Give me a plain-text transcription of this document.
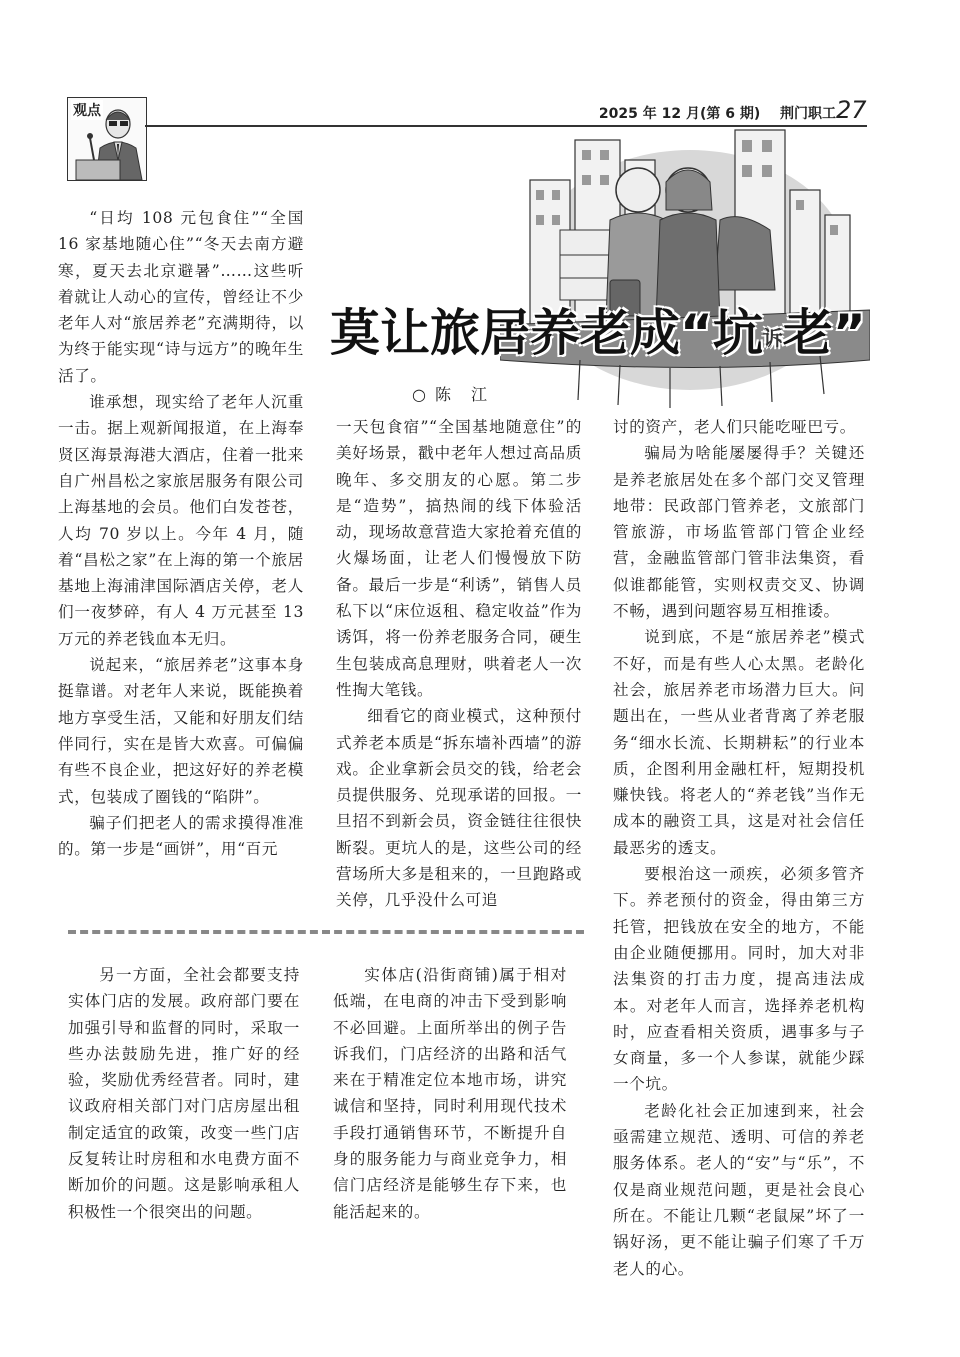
观点	2025 年 12 月(第 6 期) 荆门职工 27
莫让旅居养老成“坑诉老”
○ 陈　江

“日均 108 元包食住”“全国 16 家基地随心住”“冬天去南方避寒，夏天去北京避暑”……这些听着就让人动心的宣传，曾经让不少老年人对“旅居养老”充满期待，以为终于能实现“诗与远方”的晚年生活了。

谁承想，现实给了老年人沉重一击。据上观新闻报道，在上海奉贤区海景海港大酒店，住着一批来自广州昌松之家旅居服务有限公司上海基地的会员。他们白发苍苍，人均 70 岁以上。今年 4 月，随着“昌松之家”在上海的第一个旅居基地上海浦津国际酒店关停，老人们一夜梦碎，有人 4 万元甚至 13 万元的养老钱血本无归。

说起来，“旅居养老”这事本身挺靠谱。对老年人来说，既能换着地方享受生活，又能和好朋友们结伴同行，实在是皆大欢喜。可偏偏有些不良企业，把这好好的养老模式，包装成了圈钱的“陷阱”。

骗子们把老人的需求摸得准准的。第一步是“画饼”，用“百元

一天包食宿”“全国基地随意住”的美好场景，戳中老年人想过高品质晚年、多交朋友的心愿。第二步是“造势”，搞热闹的线下体验活动，现场故意营造大家抢着充值的火爆场面，让老人们慢慢放下防备。最后一步是“利诱”，销售人员私下以“床位返租、稳定收益”作为诱饵，将一份养老服务合同，硬生生包装成高息理财，哄着老人一次性掏大笔钱。

细看它的商业模式，这种预付式养老本质是“拆东墙补西墙”的游戏。企业拿新会员交的钱，给老会员提供服务、兑现承诺的回报。一旦招不到新会员，资金链往往很快断裂。更坑人的是，这些公司的经营场所大多是租来的，一旦跑路或关停，几乎没什么可追

讨的资产，老人们只能吃哑巴亏。

骗局为啥能屡屡得手？关键还是养老旅居处在多个部门交叉管理地带：民政部门管养老，文旅部门管旅游，市场监管部门管企业经营，金融监管部门管非法集资，看似谁都能管，实则权责交叉、协调不畅，遇到问题容易互相推诿。

说到底，不是“旅居养老”模式不好，而是有些人心太黑。老龄化社会，旅居养老市场潜力巨大。问题出在，一些从业者背离了养老服务“细水长流、长期耕耘”的行业本质，企图利用金融杠杆，短期投机赚快钱。将老人的“养老钱”当作无成本的融资工具，这是对社会信任最恶劣的透支。

要根治这一顽疾，必须多管齐下。养老预付的资金，得由第三方托管，把钱放在安全的地方，不能由企业随便挪用。同时，加大对非法集资的打击力度，提高违法成本。对老年人而言，选择养老机构时，应查看相关资质，遇事多与子女商量，多一个人参谋，就能少踩一个坑。

老龄化社会正加速到来，社会亟需建立规范、透明、可信的养老服务体系。老人的“安”与“乐”，不仅是商业规范问题，更是社会良心所在。不能让几颗“老鼠屎”坏了一锅好汤，更不能让骗子们寒了千万老人的心。

另一方面，全社会都要支持实体门店的发展。政府部门要在加强引导和监督的同时，采取一些办法鼓励先进，推广好的经验，奖励优秀经营者。同时，建议政府相关部门对门店房屋出租制定适宜的政策，改变一些门店反复转让时房租和水电费方面不断加价的问题。这是影响承租人积极性一个很突出的问题。

实体店(沿街商铺)属于相对低端，在电商的冲击下受到影响不必回避。上面所举出的例子告诉我们，门店经济的出路和活气来在于精准定位本地市场，讲究诚信和坚持，同时利用现代技术手段打通销售环节，不断提升自身的服务能力与商业竞争力，相信门店经济是能够生存下来，也能活起来的。
